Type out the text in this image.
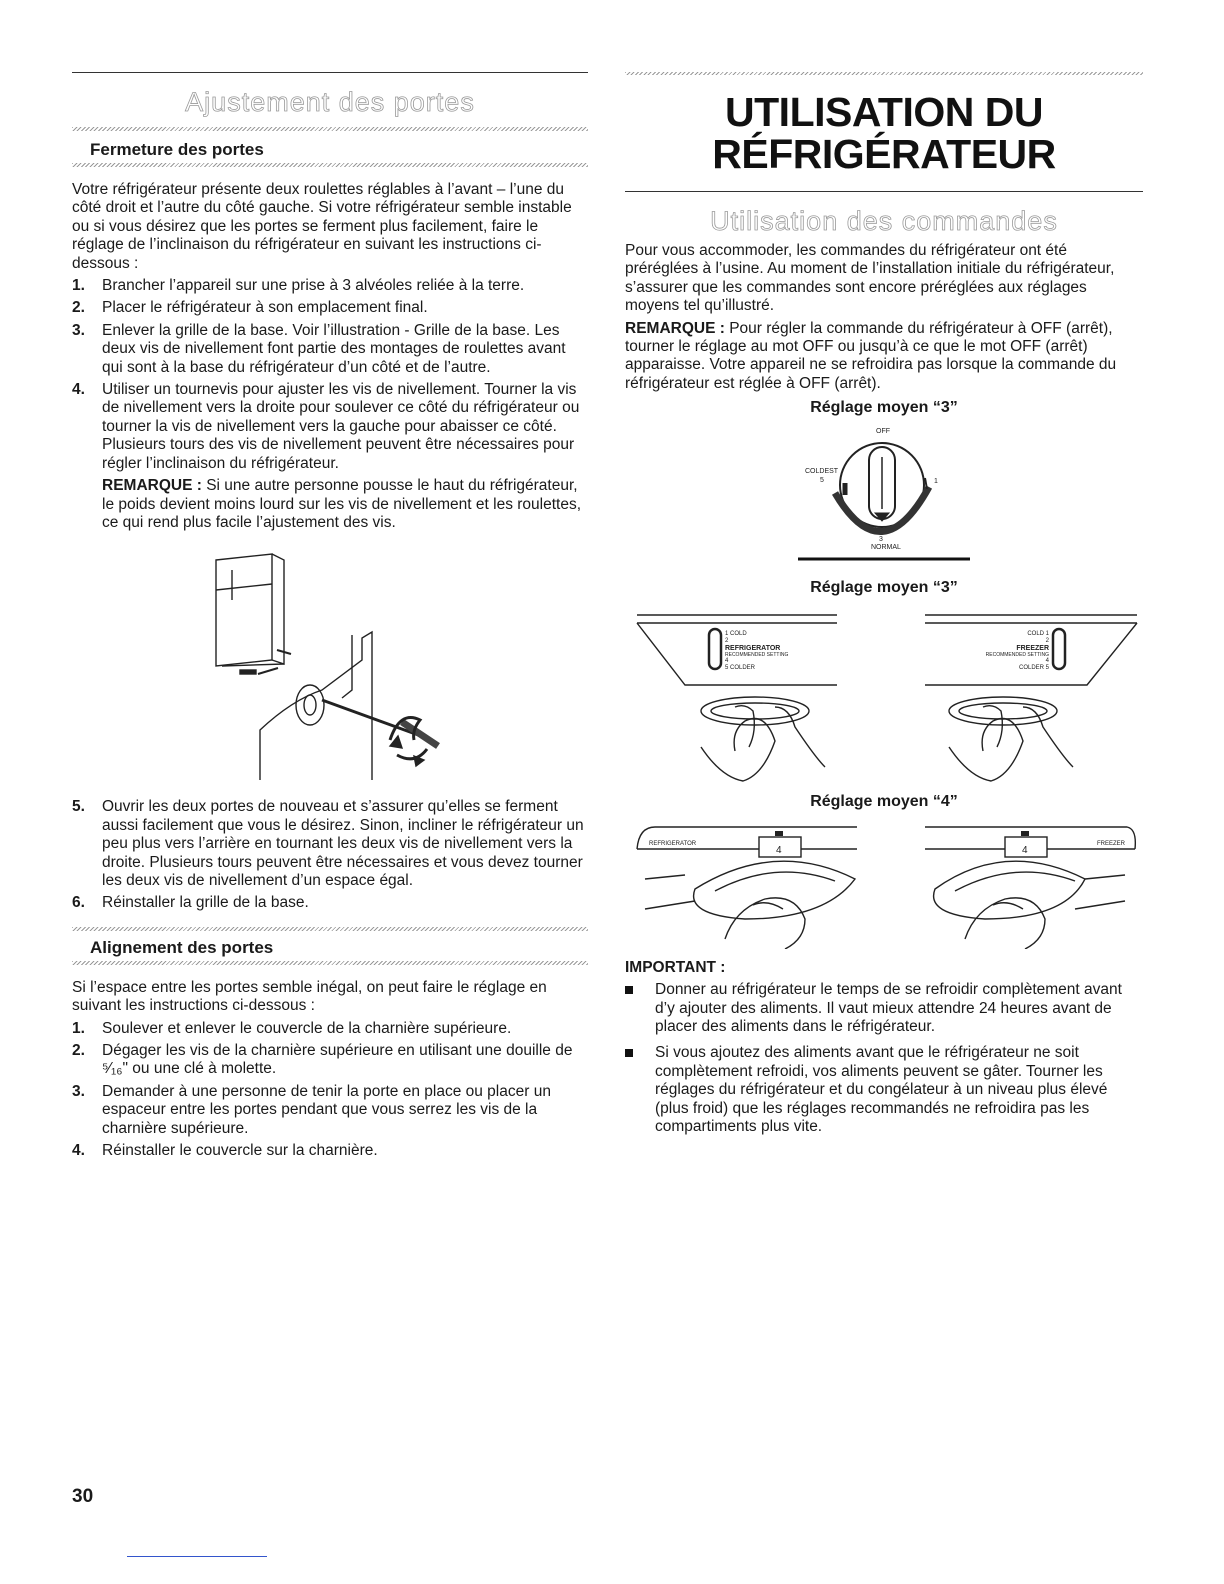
Ajustement des portes
Fermeture des portes

Votre réfrigérateur présente deux roulettes réglables à l’avant – l’une du côté droit et l’autre du côté gauche. Si votre réfrigérateur semble instable ou si vous désirez que les portes se ferment plus facilement, faire le réglage de l’inclinaison du réfrigérateur en suivant les instructions ci-dessous :

1. Brancher l’appareil sur une prise à 3 alvéoles reliée à la terre.
2. Placer le réfrigérateur à son emplacement final.
3. Enlever la grille de la base. Voir l’illustration - Grille de la base. Les deux vis de nivellement font partie des montages de roulettes avant qui sont à la base du réfrigérateur d’un côté et de l’autre.
4. Utiliser un tournevis pour ajuster les vis de nivellement. Tourner la vis de nivellement vers la droite pour soulever ce côté du réfrigérateur ou tourner la vis de nivellement vers la gauche pour abaisser ce côté. Plusieurs tours des vis de nivellement peuvent être nécessaires pour régler l’inclinaison du réfrigérateur.

REMARQUE : Si une autre personne pousse le haut du réfrigérateur, le poids devient moins lourd sur les vis de nivellement et les roulettes, ce qui rend plus facile l’ajustement des vis.

5. Ouvrir les deux portes de nouveau et s’assurer qu’elles se ferment aussi facilement que vous le désirez. Sinon, incliner le réfrigérateur un peu plus vers l’arrière en tournant les deux vis de nivellement vers la droite. Plusieurs tours peuvent être nécessaires et vous devez tourner les deux vis de nivellement d’un espace égal.
6. Réinstaller la grille de la base.
Alignement des portes

Si l’espace entre les portes semble inégal, on peut faire le réglage en suivant les instructions ci-dessous :

1. Soulever et enlever le couvercle de la charnière supérieure.
2. Dégager les vis de la charnière supérieure en utilisant une douille de ⁵⁄₁₆" ou une clé à molette.
3. Demander à une personne de tenir la porte en place ou placer un espaceur entre les portes pendant que vous serrez les vis de la charnière supérieure.
4. Réinstaller le couvercle sur la charnière.
UTILISATION DU
RÉFRIGÉRATEUR
Utilisation des commandes

Pour vous accommoder, les commandes du réfrigérateur ont été préréglées à l’usine. Au moment de l’installation initiale du réfrigérateur, s’assurer que les commandes sont encore préréglées aux réglages moyens tel qu’illustré.

REMARQUE : Pour régler la commande du réfrigérateur à OFF (arrêt), tourner le réglage au mot OFF ou jusqu’à ce que le mot OFF (arrêt) apparaisse. Votre appareil ne se refroidira pas lorsque la commande du réfrigérateur est réglée à OFF (arrêt).

Réglage moyen “3”
OFF
COLDEST
5	1
3
NORMAL
Réglage moyen “3”
1 COLD
2
REFRIGERATOR
RECOMMENDED SETTING
4
5 COLDER
COLD 1
2
FREEZER
RECOMMENDED SETTING
4
COLDER 5
Réglage moyen “4”
REFRIGERATOR
4
FREEZER
4
IMPORTANT :
Donner au réfrigérateur le temps de se refroidir complètement avant d’y ajouter des aliments. Il vaut mieux attendre 24 heures avant de placer des aliments dans le réfrigérateur.
Si vous ajoutez des aliments avant que le réfrigérateur ne soit complètement refroidi, vos aliments peuvent se gâter. Tourner les réglages du réfrigérateur et du congélateur à un niveau plus élevé (plus froid) que les réglages recommandés ne refroidira pas les compartiments plus vite.
30
